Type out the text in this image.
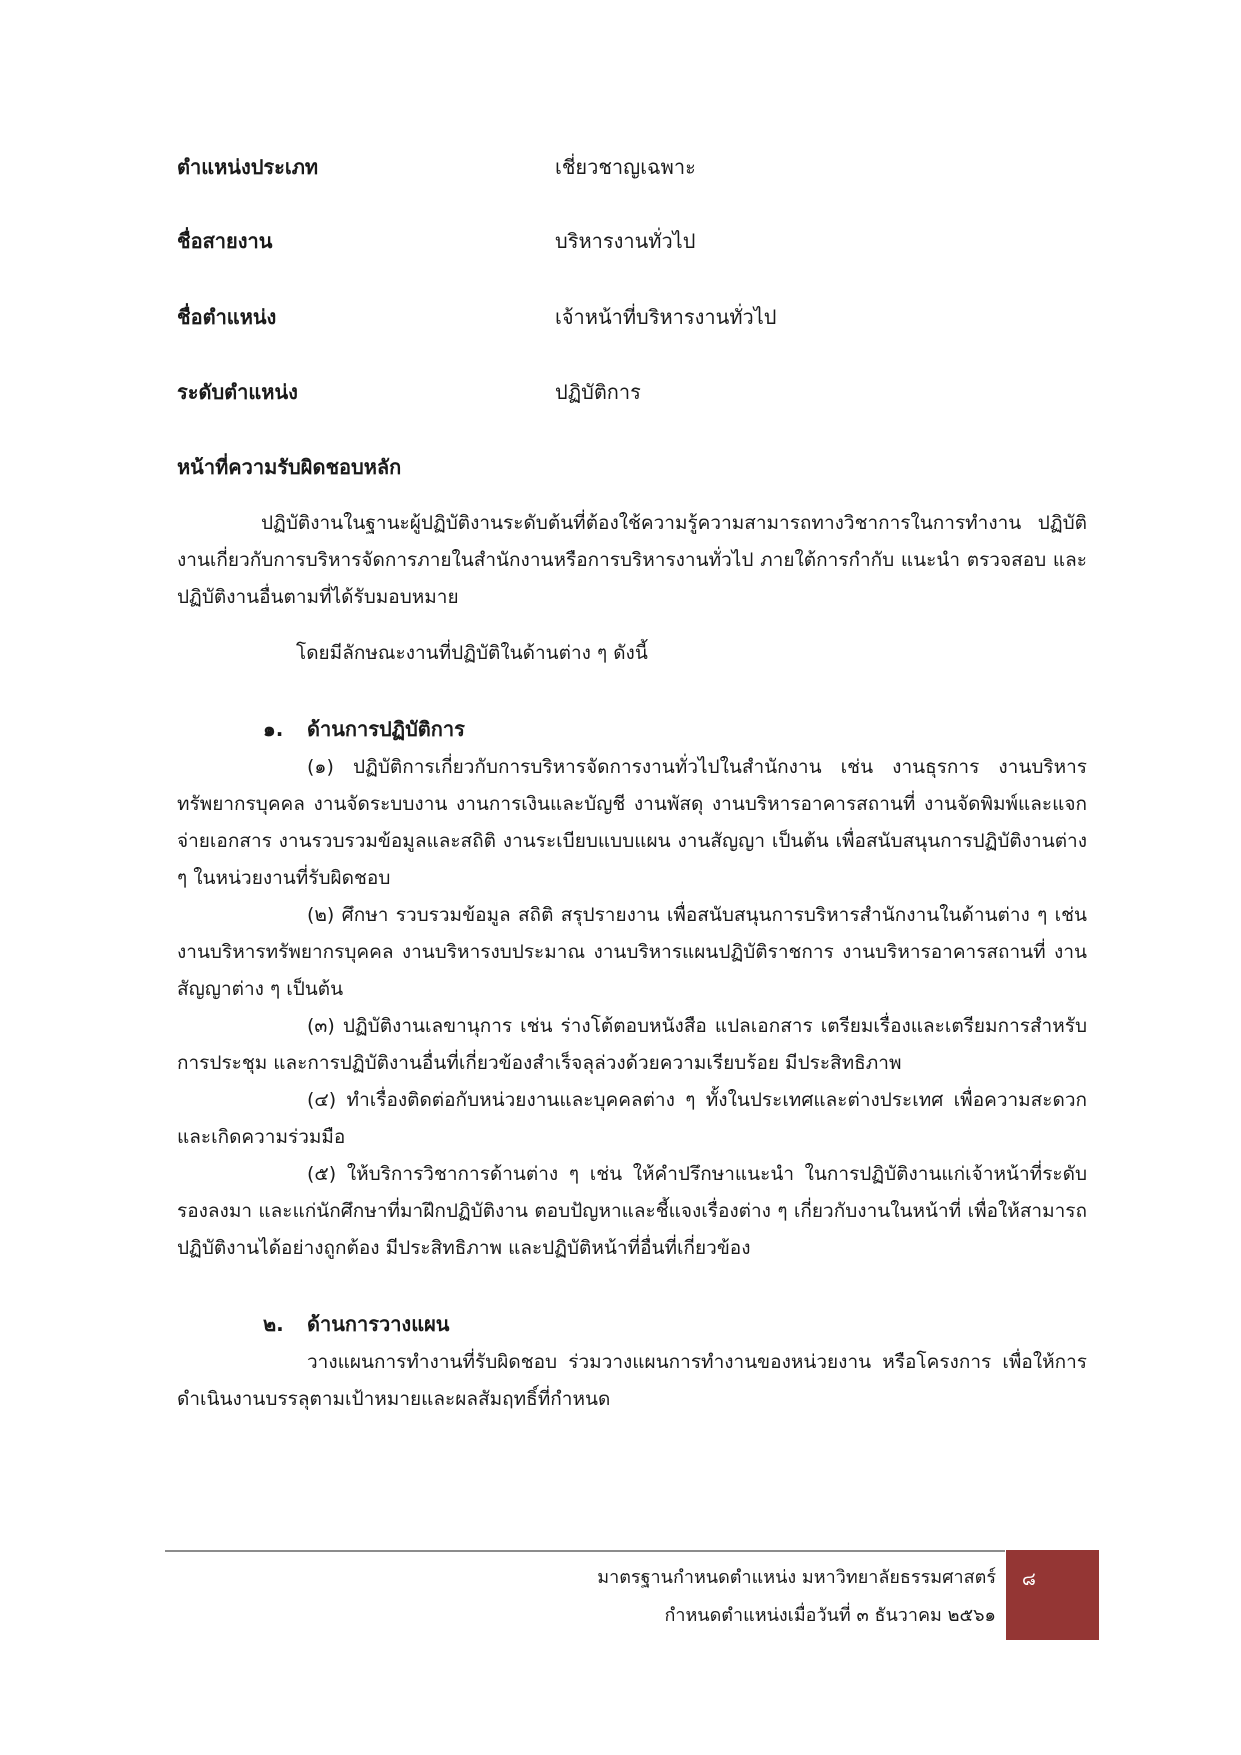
ตำแหน่งประเภท	เชี่ยวชาญเฉพาะ
ชื่อสายงาน	บริหารงานทั่วไป
ชื่อตำแหน่ง	เจ้าหน้าที่บริหารงานทั่วไป
ระดับตำแหน่ง	ปฏิบัติการ
หน้าที่ความรับผิดชอบหลัก

ปฏิบัติงานในฐานะผู้ปฏิบัติงานระดับต้นที่ต้องใช้ความรู้ความสามารถทางวิชาการในการทำงาน ปฏิบัติงานเกี่ยวกับการบริหารจัดการภายในสำนักงานหรือการบริหารงานทั่วไป ภายใต้การกำกับ แนะนำ ตรวจสอบ และปฏิบัติงานอื่นตามที่ได้รับมอบหมาย

โดยมีลักษณะงานที่ปฏิบัติในด้านต่าง ๆ ดังนี้
๑. ด้านการปฏิบัติการ

(๑) ปฏิบัติการเกี่ยวกับการบริหารจัดการงานทั่วไปในสำนักงาน เช่น งานธุรการ งานบริหารทรัพยากรบุคคล งานจัดระบบงาน งานการเงินและบัญชี งานพัสดุ งานบริหารอาคารสถานที่ งานจัดพิมพ์และแจกจ่ายเอกสาร งานรวบรวมข้อมูลและสถิติ งานระเบียบแบบแผน งานสัญญา เป็นต้น เพื่อสนับสนุนการปฏิบัติงานต่าง ๆ ในหน่วยงานที่รับผิดชอบ

(๒) ศึกษา รวบรวมข้อมูล สถิติ สรุปรายงาน เพื่อสนับสนุนการบริหารสำนักงานในด้านต่าง ๆ เช่น งานบริหารทรัพยากรบุคคล งานบริหารงบประมาณ งานบริหารแผนปฏิบัติราชการ งานบริหารอาคารสถานที่ งานสัญญาต่าง ๆ เป็นต้น

(๓) ปฏิบัติงานเลขานุการ เช่น ร่างโต้ตอบหนังสือ แปลเอกสาร เตรียมเรื่องและเตรียมการสำหรับการประชุม และการปฏิบัติงานอื่นที่เกี่ยวข้องสำเร็จลุล่วงด้วยความเรียบร้อย มีประสิทธิภาพ

(๔) ทำเรื่องติดต่อกับหน่วยงานและบุคคลต่าง ๆ ทั้งในประเทศและต่างประเทศ เพื่อความสะดวกและเกิดความร่วมมือ

(๕) ให้บริการวิชาการด้านต่าง ๆ เช่น ให้คำปรึกษาแนะนำ ในการปฏิบัติงานแก่เจ้าหน้าที่ระดับรองลงมา และแก่นักศึกษาที่มาฝึกปฏิบัติงาน ตอบปัญหาและชี้แจงเรื่องต่าง ๆ เกี่ยวกับงานในหน้าที่ เพื่อให้สามารถปฏิบัติงานได้อย่างถูกต้อง มีประสิทธิภาพ และปฏิบัติหน้าที่อื่นที่เกี่ยวข้อง

๒. ด้านการวางแผน

วางแผนการทำงานที่รับผิดชอบ ร่วมวางแผนการทำงานของหน่วยงาน หรือโครงการ เพื่อให้การดำเนินงานบรรลุตามเป้าหมายและผลสัมฤทธิ์ที่กำหนด

มาตรฐานกำหนดตำแหน่ง มหาวิทยาลัยธรรมศาสตร์
กำหนดตำแหน่งเมื่อวันที่ ๓ ธันวาคม ๒๕๖๑
๘
